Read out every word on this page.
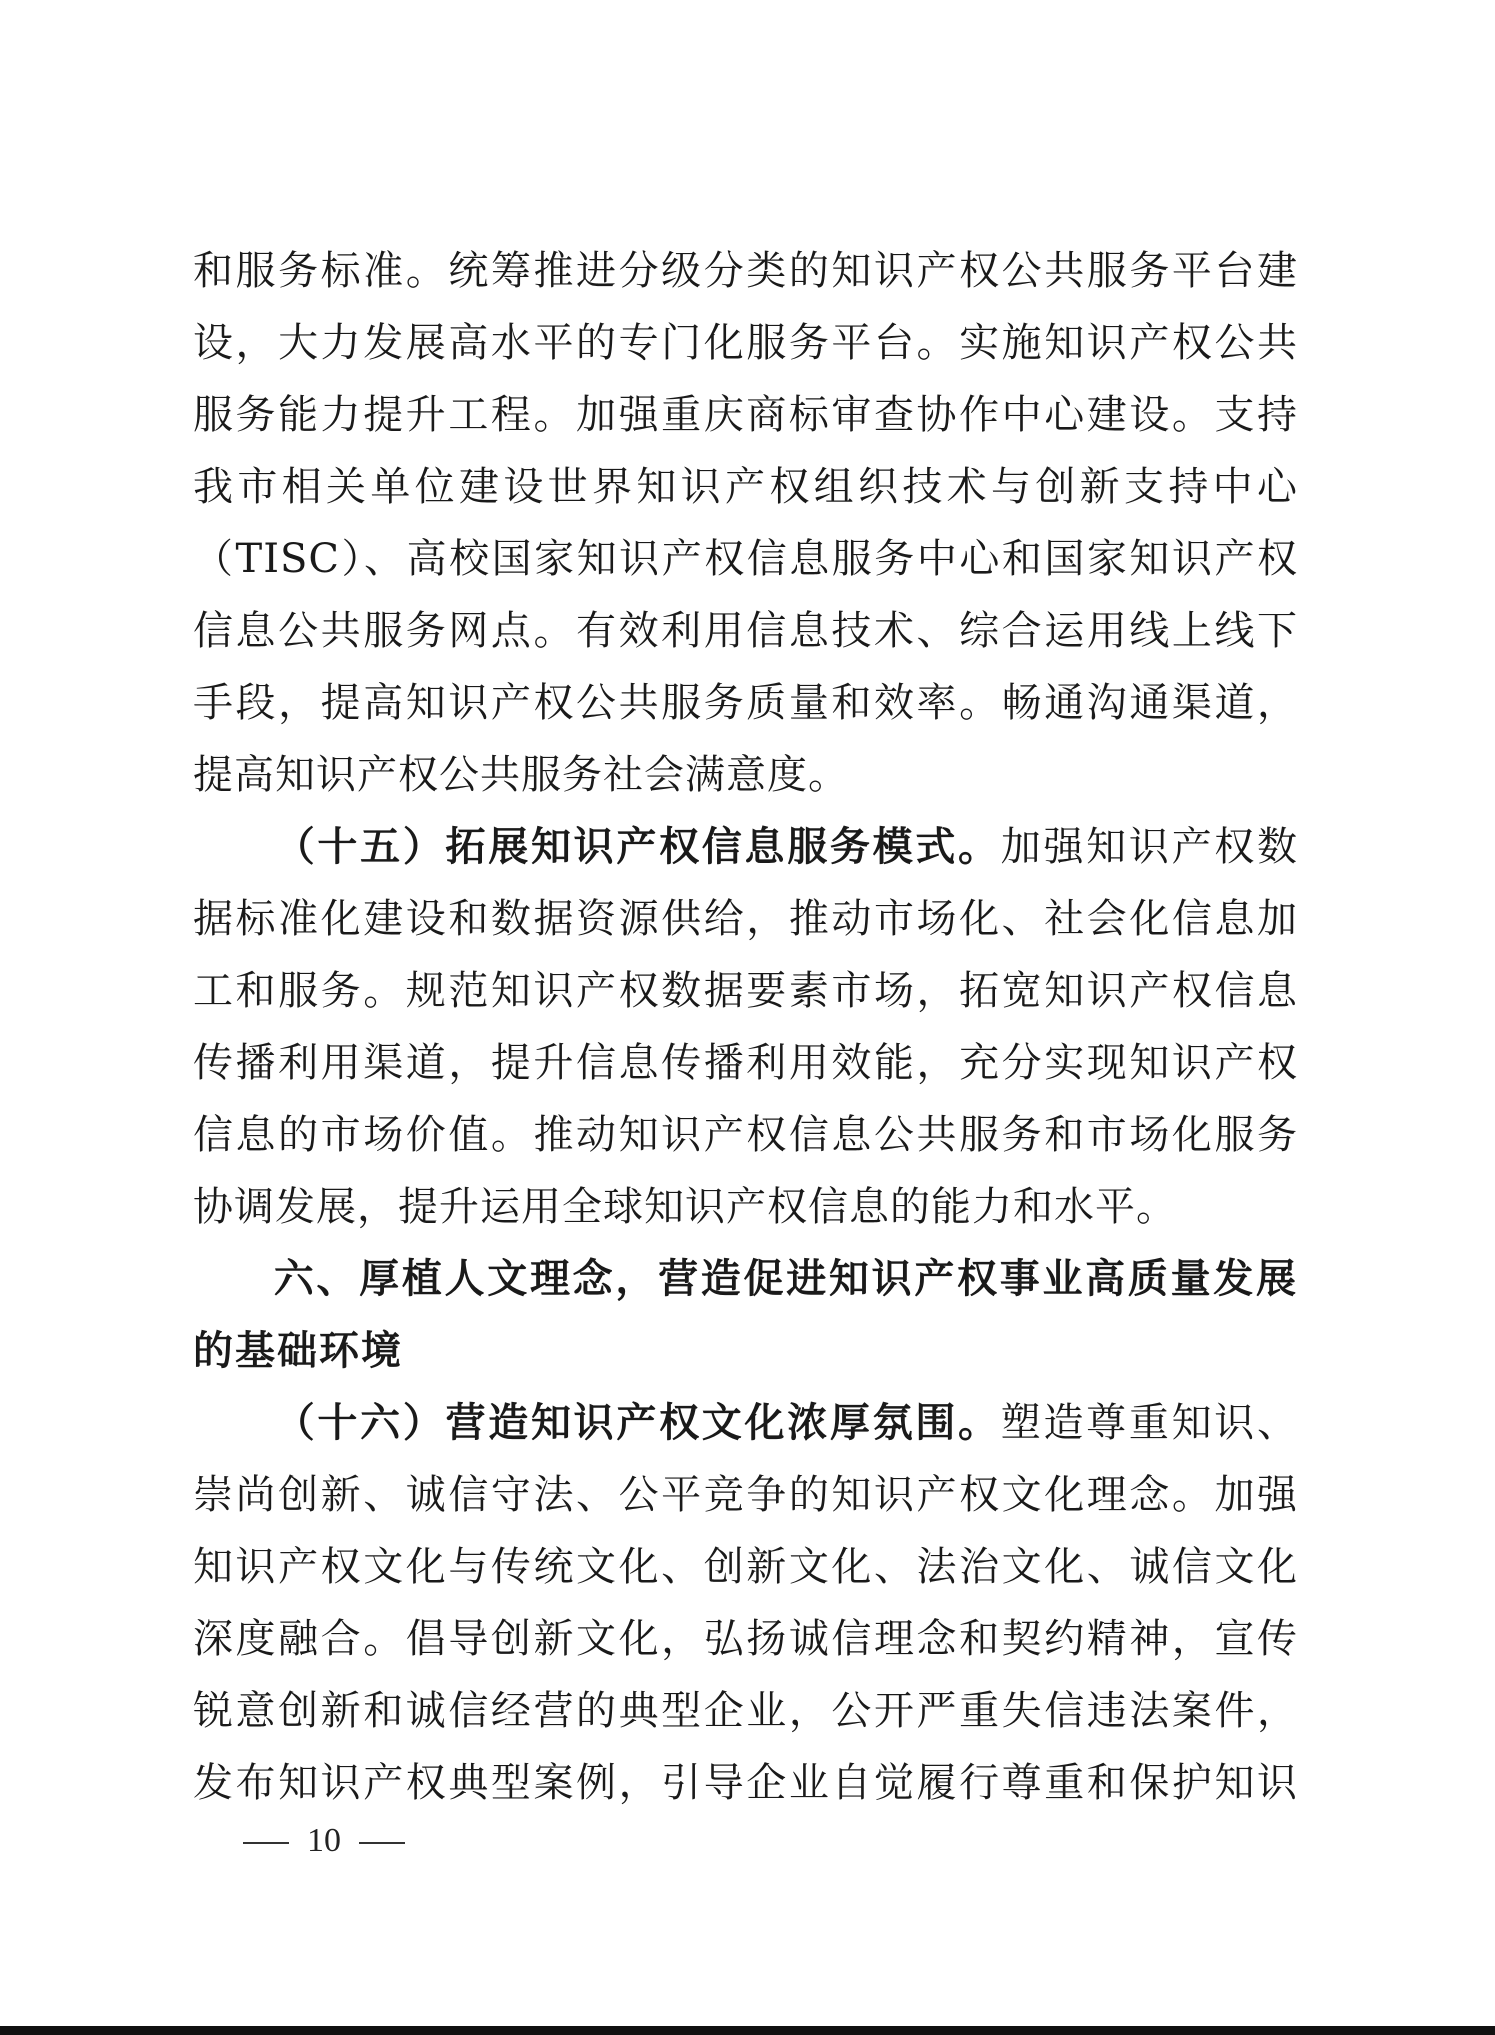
和服务标准。统筹推进分级分类的知识产权公共服务平台建
设，大力发展高水平的专门化服务平台。实施知识产权公共
服务能力提升工程。加强重庆商标审查协作中心建设。支持
我市相关单位建设世界知识产权组织技术与创新支持中心
（TISC）、高校国家知识产权信息服务中心和国家知识产权
信息公共服务网点。有效利用信息技术、综合运用线上线下
手段，提高知识产权公共服务质量和效率。畅通沟通渠道，
提高知识产权公共服务社会满意度。
（十五）拓展知识产权信息服务模式。加强知识产权数
据标准化建设和数据资源供给，推动市场化、社会化信息加
工和服务。规范知识产权数据要素市场，拓宽知识产权信息
传播利用渠道，提升信息传播利用效能，充分实现知识产权
信息的市场价值。推动知识产权信息公共服务和市场化服务
协调发展，提升运用全球知识产权信息的能力和水平。
六、厚植人文理念，营造促进知识产权事业高质量发展
的基础环境
（十六）营造知识产权文化浓厚氛围。塑造尊重知识、
崇尚创新、诚信守法、公平竞争的知识产权文化理念。加强
知识产权文化与传统文化、创新文化、法治文化、诚信文化
深度融合。倡导创新文化，弘扬诚信理念和契约精神，宣传
锐意创新和诚信经营的典型企业，公开严重失信违法案件，
发布知识产权典型案例，引导企业自觉履行尊重和保护知识
10
